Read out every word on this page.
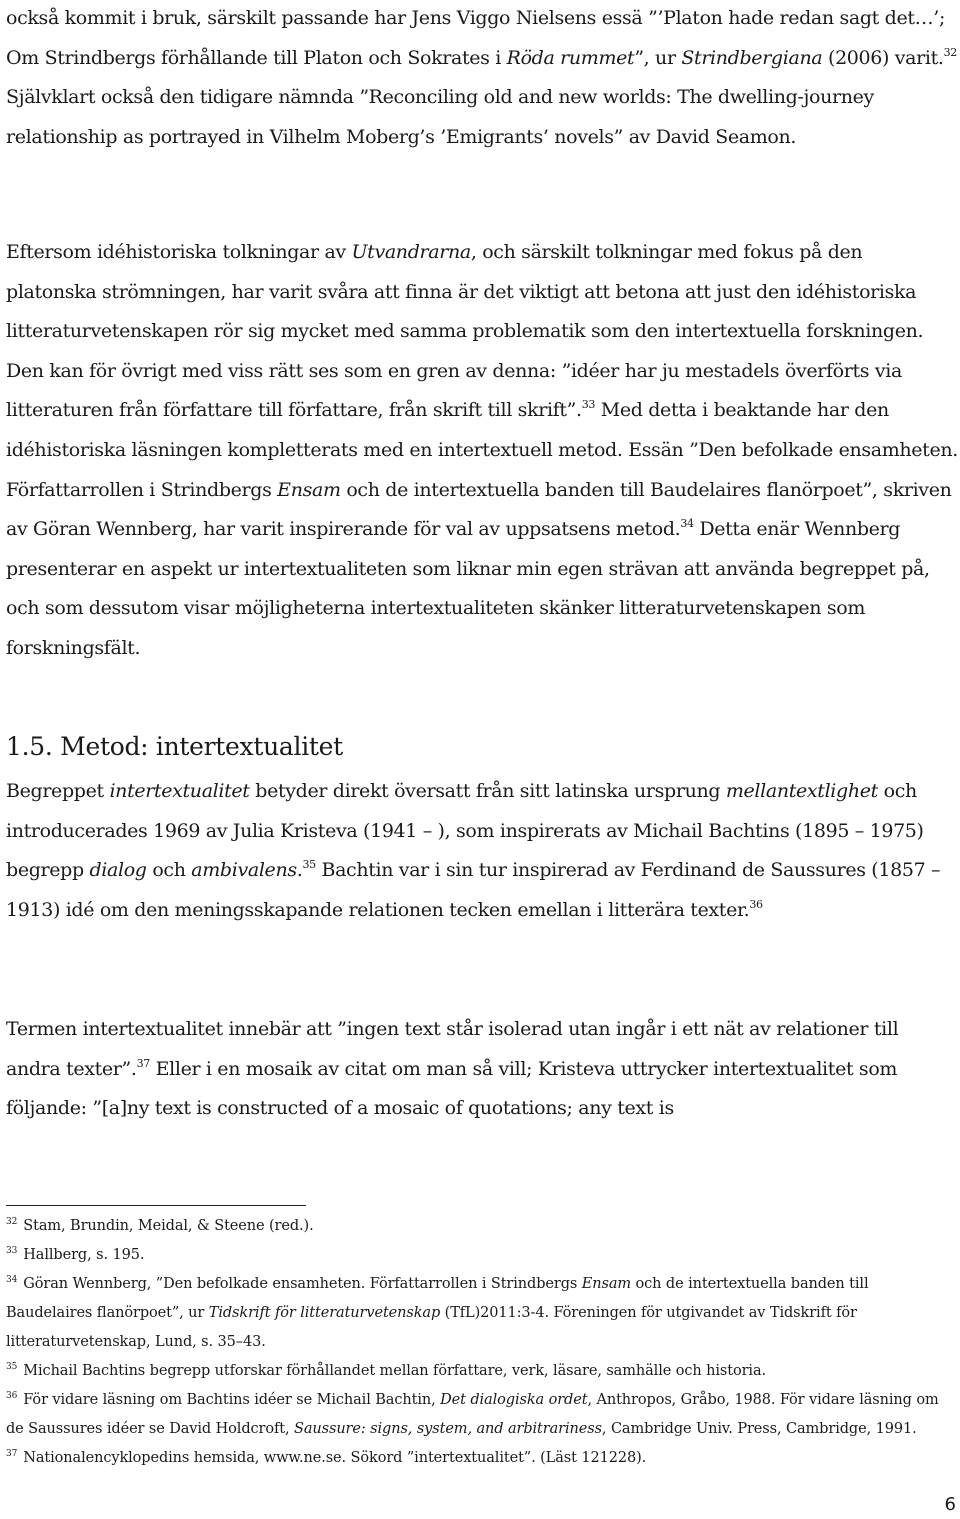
också kommit i bruk, särskilt passande har Jens Viggo Nielsens essä ”’Platon hade redan sagt det…’; Om Strindbergs förhållande till Platon och Sokrates i Röda rummet”, ur Strindbergiana (2006) varit.$^{32}$ Självklart också den tidigare nämnda ”Reconciling old and new worlds: The dwelling-journey relationship as portrayed in Vilhelm Moberg’s ’Emigrants’ novels” av David Seamon.

Eftersom idéhistoriska tolkningar av Utvandrarna, och särskilt tolkningar med fokus på den platonska strömningen, har varit svåra att finna är det viktigt att betona att just den idéhistoriska litteraturvetenskapen rör sig mycket med samma problematik som den intertextuella forskningen. Den kan för övrigt med viss rätt ses som en gren av denna: ”idéer har ju mestadels överförts via litteraturen från författare till författare, från skrift till skrift”.$^{33}$ Med detta i beaktande har den idéhistoriska läsningen kompletterats med en intertextuell metod. Essän ”Den befolkade ensamheten. Författarrollen i Strindbergs Ensam och de intertextuella banden till Baudelaires flanörpoet”, skriven av Göran Wennberg, har varit inspirerande för val av uppsatsens metod.$^{34}$ Detta enär Wennberg presenterar en aspekt ur intertextualiteten som liknar min egen strävan att använda begreppet på, och som dessutom visar möjligheterna intertextualiteten skänker litteraturvetenskapen som forskningsfält.

1.5. Metod: intertextualitet

Begreppet intertextualitet betyder direkt översatt från sitt latinska ursprung mellantextlighet och introducerades 1969 av Julia Kristeva (1941 – ), som inspirerats av Michail Bachtins (1895 – 1975) begrepp dialog och ambivalens.$^{35}$ Bachtin var i sin tur inspirerad av Ferdinand de Saussures (1857 – 1913) idé om den meningsskapande relationen tecken emellan i litterära texter.$^{36}$

Termen intertextualitet innebär att ”ingen text står isolerad utan ingår i ett nät av relationer till andra texter”.$^{37}$ Eller i en mosaik av citat om man så vill; Kristeva uttrycker intertextualitet som följande: ”[a]ny text is constructed of a mosaic of quotations; any text is

$^{32}$ Stam, Brundin, Meidal, & Steene (red.).

$^{33}$ Hallberg, s. 195.

$^{34}$ Göran Wennberg, ”Den befolkade ensamheten. Författarrollen i Strindbergs Ensam och de intertextuella banden till Baudelaires flanörpoet”, ur Tidskrift för litteraturvetenskap (TfL)2011:3-4. Föreningen för utgivandet av Tidskrift för litteraturvetenskap, Lund, s. 35–43.

$^{35}$ Michail Bachtins begrepp utforskar förhållandet mellan författare, verk, läsare, samhälle och historia.

$^{36}$ För vidare läsning om Bachtins idéer se Michail Bachtin, Det dialogiska ordet, Anthropos, Gråbo, 1988. För vidare läsning om de Saussures idéer se David Holdcroft, Saussure: signs, system, and arbitrariness, Cambridge Univ. Press, Cambridge, 1991.

$^{37}$ Nationalencyklopedins hemsida, www.ne.se. Sökord ”intertextualitet”. (Läst 121228).

6
